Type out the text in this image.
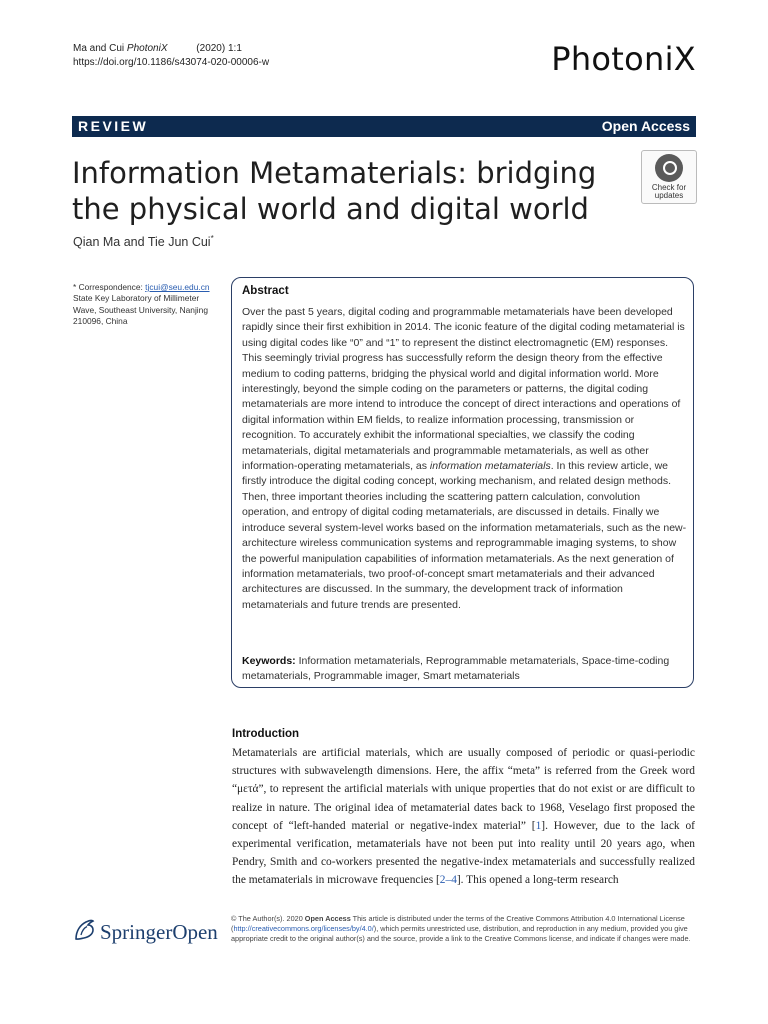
Ma and Cui PhotoniX	(2020) 1:1
https://doi.org/10.1186/s43074-020-00006-w	PhotoniX
REVIEW	Open Access
Information Metamaterials: bridging the physical world and digital world
Check for
updates
Qian Ma and Tie Jun Cui*
* Correspondence: tjcui@seu.edu.cn
State Key Laboratory of Millimeter Wave, Southeast University, Nanjing 210096, China
Abstract

Over the past 5 years, digital coding and programmable metamaterials have been developed rapidly since their first exhibition in 2014. The iconic feature of the digital coding metamaterial is using digital codes like “0” and “1” to represent the distinct electromagnetic (EM) responses. This seemingly trivial progress has successfully reform the design theory from the effective medium to coding patterns, bridging the physical world and digital information world. More interestingly, beyond the simple coding on the parameters or patterns, the digital coding metamaterials are more intend to introduce the concept of direct interactions and operations of digital information within EM fields, to realize information processing, transmission or recognition. To accurately exhibit the informational specialties, we classify the coding metamaterials, digital metamaterials and programmable metamaterials, as well as other information-operating metamaterials, as information metamaterials. In this review article, we firstly introduce the digital coding concept, working mechanism, and related design methods. Then, three important theories including the scattering pattern calculation, convolution operation, and entropy of digital coding metamaterials, are discussed in details. Finally we introduce several system-level works based on the information metamaterials, such as the new-architecture wireless communication systems and reprogrammable imaging systems, to show the powerful manipulation capabilities of information metamaterials. As the next generation of information metamaterials, two proof-of-concept smart metamaterials and their advanced architectures are discussed. In the summary, the development track of information metamaterials and future trends are presented.

Keywords: Information metamaterials, Reprogrammable metamaterials, Space-time-coding metamaterials, Programmable imager, Smart metamaterials
Introduction

Metamaterials are artificial materials, which are usually composed of periodic or quasi-periodic structures with subwavelength dimensions. Here, the affix “meta” is referred from the Greek word “μετά”, to represent the artificial materials with unique properties that do not exist or are difficult to realize in nature. The original idea of metamaterial dates back to 1968, Veselago first proposed the concept of “left-handed material or negative-index material” [1]. However, due to the lack of experimental verification, metamaterials have not been put into reality until 20 years ago, when Pendry, Smith and co-workers presented the negative-index metamaterials and successfully realized the metamaterials in microwave frequencies [2–4]. This opened a long-term research

SpringerOpen

© The Author(s). 2020 Open Access This article is distributed under the terms of the Creative Commons Attribution 4.0 International License (http://creativecommons.org/licenses/by/4.0/), which permits unrestricted use, distribution, and reproduction in any medium, provided you give appropriate credit to the original author(s) and the source, provide a link to the Creative Commons license, and indicate if changes were made.
